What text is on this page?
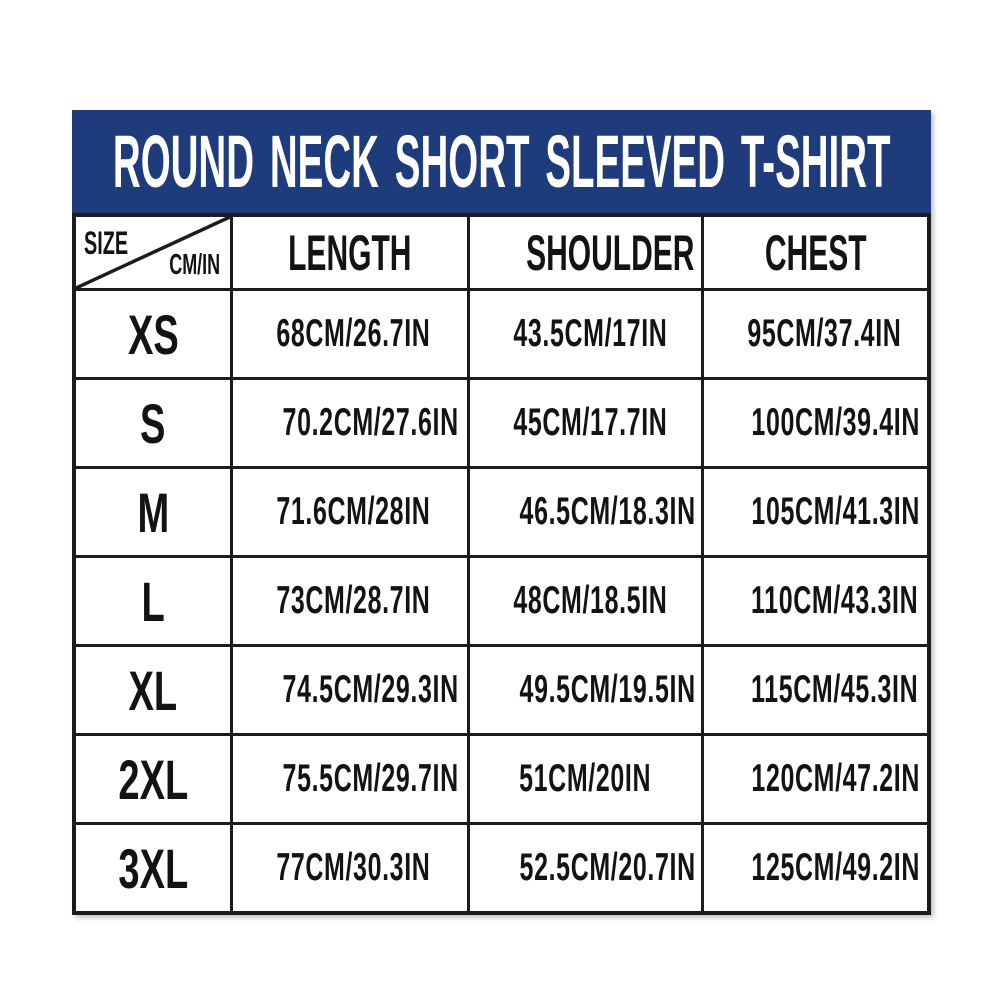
ROUND NECK SHORT SLEEVED T-SHIRT
SIZE
CM/IN	LENGTH	SHOULDER	CHEST
XS	68CM/26.7IN	43.5CM/17IN	95CM/37.4IN
S	70.2CM/27.6IN	45CM/17.7IN	100CM/39.4IN
M	71.6CM/28IN	46.5CM/18.3IN	105CM/41.3IN
L	73CM/28.7IN	48CM/18.5IN	110CM/43.3IN
XL	74.5CM/29.3IN	49.5CM/19.5IN	115CM/45.3IN
2XL	75.5CM/29.7IN	51CM/20IN	120CM/47.2IN
3XL	77CM/30.3IN	52.5CM/20.7IN	125CM/49.2IN
